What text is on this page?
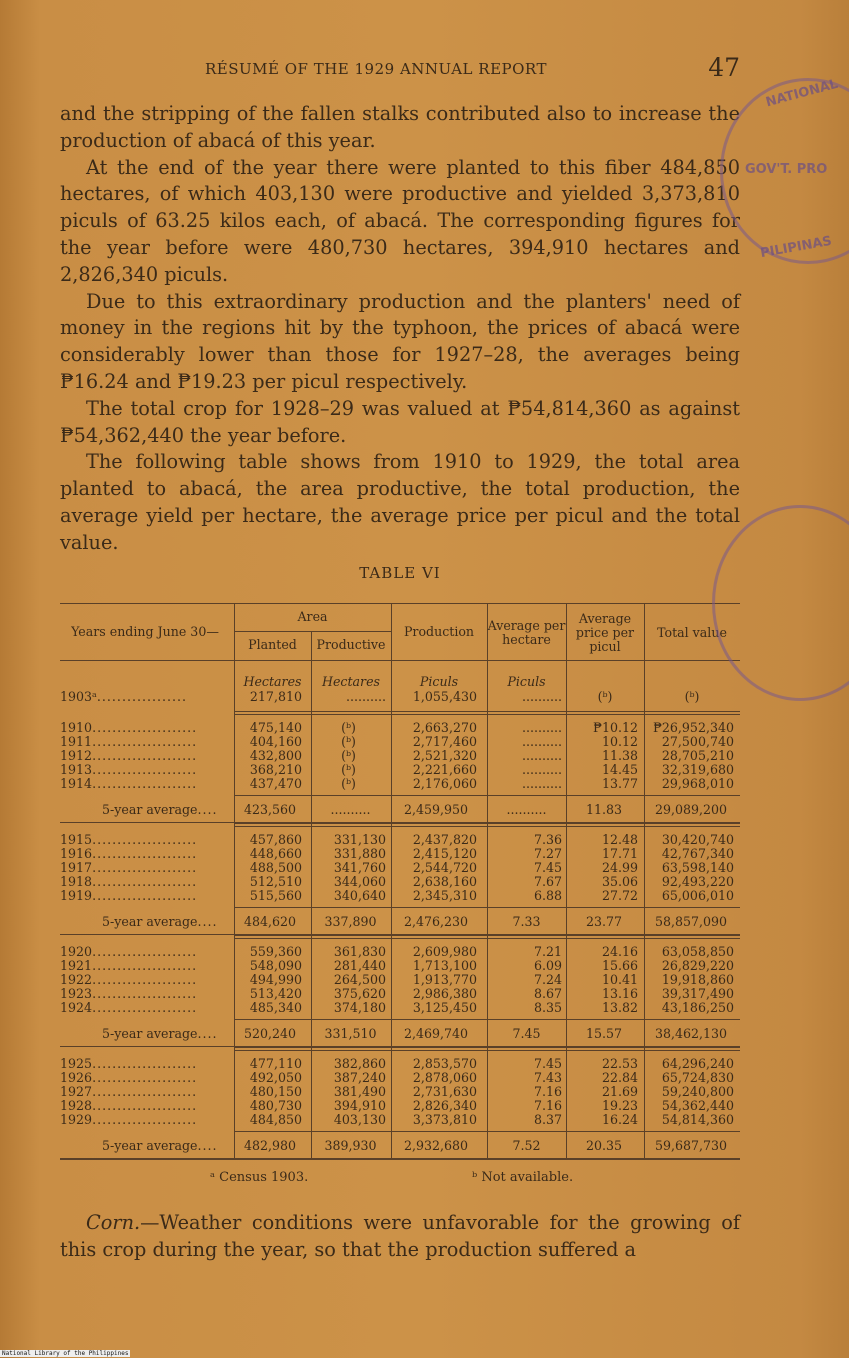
RÉSUMÉ OF THE 1929 ANNUAL REPORT	47

and the stripping of the fallen stalks contributed also to increase the production of abacá of this year.

At the end of the year there were planted to this fiber 484,850 hectares, of which 403,130 were productive and yielded 3,373,810 piculs of 63.25 kilos each, of abacá. The corresponding figures for the year before were 480,730 hectares, 394,910 hectares and 2,826,340 piculs.

Due to this extraordinary production and the planters' need of money in the regions hit by the typhoon, the prices of abacá were considerably lower than those for 1927–28, the averages being ₱16.24 and ₱19.23 per picul respectively.

The total crop for 1928–29 was valued at ₱54,814,360 as against ₱54,362,440 the year before.

The following table shows from 1910 to 1929, the total area planted to abacá, the area productive, the total production, the average yield per hectare, the average price per picul and the total value.

TABLE VI
Years ending June 30—
Area
Planted	Productive
Production	Average per hectare
Average price per picul
Total value
Hectares	Hectares	Piculs	Piculs
1903ᵃ..................	217,810	..........	1,055,430	..........	(ᵇ)	(ᵇ)
1910.....................	475,140	(ᵇ)	2,663,270	..........	₱10.12	₱26,952,340
1911.....................	404,160	(ᵇ)	2,717,460	..........	10.12	27,500,740
1912.....................	432,800	(ᵇ)	2,521,320	..........	11.38	28,705,210
1913.....................	368,210	(ᵇ)	2,221,660	..........	14.45	32,319,680
1914.....................	437,470	(ᵇ)	2,176,060	..........	13.77	29,968,010
5-year average....	423,560	..........	2,459,950	..........	11.83	29,089,200
1915.....................	457,860	331,130	2,437,820	7.36	12.48	30,420,740
1916.....................	448,660	331,880	2,415,120	7.27	17.71	42,767,340
1917.....................	488,500	341,760	2,544,720	7.45	24.99	63,598,140
1918.....................	512,510	344,060	2,638,160	7.67	35.06	92,493,220
1919.....................	515,560	340,640	2,345,310	6.88	27.72	65,006,010
5-year average....	484,620	337,890	2,476,230	7.33	23.77	58,857,090
1920.....................	559,360	361,830	2,609,980	7.21	24.16	63,058,850
1921.....................	548,090	281,440	1,713,100	6.09	15.66	26,829,220
1922.....................	494,990	264,500	1,913,770	7.24	10.41	19,918,860
1923.....................	513,420	375,620	2,986,380	8.67	13.16	39,317,490
1924.....................	485,340	374,180	3,125,450	8.35	13.82	43,186,250
5-year average....	520,240	331,510	2,469,740	7.45	15.57	38,462,130
1925.....................	477,110	382,860	2,853,570	7.45	22.53	64,296,240
1926.....................	492,050	387,240	2,878,060	7.43	22.84	65,724,830
1927.....................	480,150	381,490	2,731,630	7.16	21.69	59,240,800
1928.....................	480,730	394,910	2,826,340	7.16	19.23	54,362,440
1929.....................	484,850	403,130	3,373,810	8.37	16.24	54,814,360
5-year average....	482,980	389,930	2,932,680	7.52	20.35	59,687,730
ᵃ Census 1903.	ᵇ Not available.

Corn.—Weather conditions were unfavorable for the growing of this crop during the year, so that the production suffered a

NATIONAL
GOV'T. PRO
PILIPINAS
National Library of the Philippines
